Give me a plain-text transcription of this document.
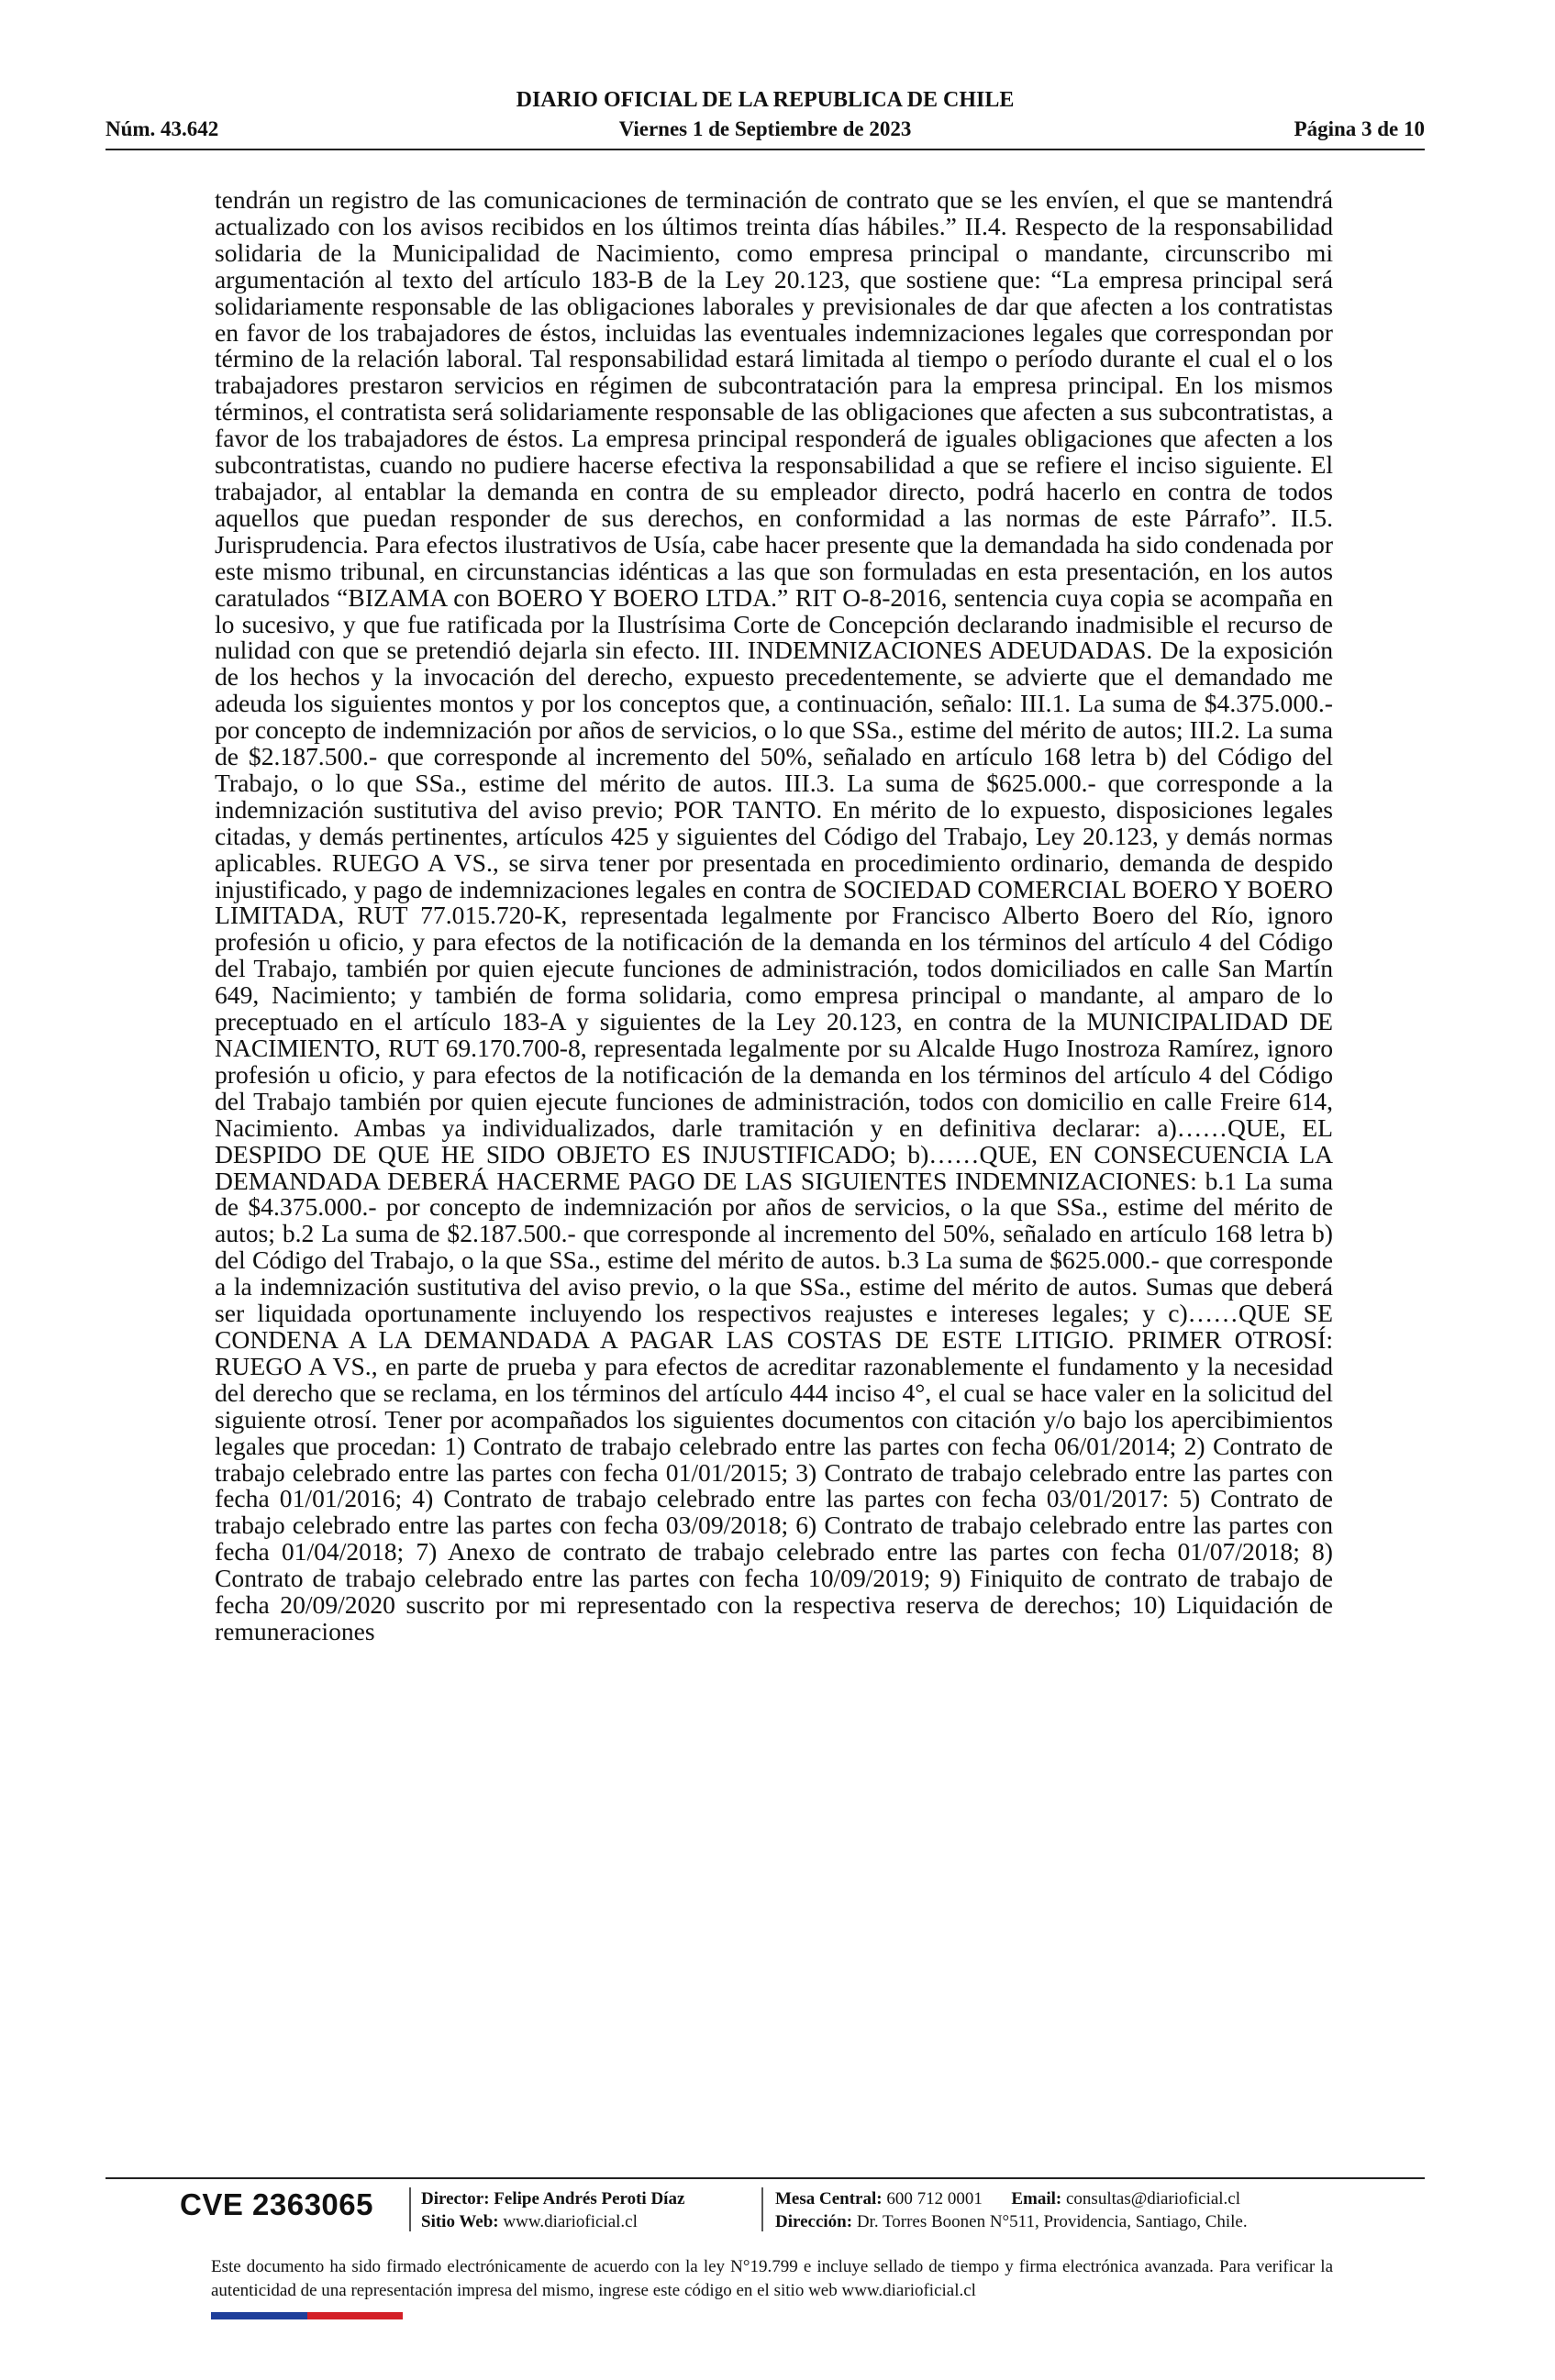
DIARIO OFICIAL DE LA REPUBLICA DE CHILE
Núm. 43.642	Viernes 1 de Septiembre de 2023	Página 3 de 10

tendrán un registro de las comunicaciones de terminación de contrato que se les envíen, el que se mantendrá actualizado con los avisos recibidos en los últimos treinta días hábiles.” II.4. Respecto de la responsabilidad solidaria de la Municipalidad de Nacimiento, como empresa principal o mandante, circunscribo mi argumentación al texto del artículo 183-B de la Ley 20.123, que sostiene que: “La empresa principal será solidariamente responsable de las obligaciones laborales y previsionales de dar que afecten a los contratistas en favor de los trabajadores de éstos, incluidas las eventuales indemnizaciones legales que correspondan por término de la relación laboral. Tal responsabilidad estará limitada al tiempo o período durante el cual el o los trabajadores prestaron servicios en régimen de subcontratación para la empresa principal. En los mismos términos, el contratista será solidariamente responsable de las obligaciones que afecten a sus subcontratistas, a favor de los trabajadores de éstos. La empresa principal responderá de iguales obligaciones que afecten a los subcontratistas, cuando no pudiere hacerse efectiva la responsabilidad a que se refiere el inciso siguiente. El trabajador, al entablar la demanda en contra de su empleador directo, podrá hacerlo en contra de todos aquellos que puedan responder de sus derechos, en conformidad a las normas de este Párrafo”. II.5. Jurisprudencia. Para efectos ilustrativos de Usía, cabe hacer presente que la demandada ha sido condenada por este mismo tribunal, en circunstancias idénticas a las que son formuladas en esta presentación, en los autos caratulados “BIZAMA con BOERO Y BOERO LTDA.” RIT O-8-2016, sentencia cuya copia se acompaña en lo sucesivo, y que fue ratificada por la Ilustrísima Corte de Concepción declarando inadmisible el recurso de nulidad con que se pretendió dejarla sin efecto. III. INDEMNIZACIONES ADEUDADAS. De la exposición de los hechos y la invocación del derecho, expuesto precedentemente, se advierte que el demandado me adeuda los siguientes montos y por los conceptos que, a continuación, señalo: III.1. La suma de $4.375.000.- por concepto de indemnización por años de servicios, o lo que SSa., estime del mérito de autos; III.2. La suma de $2.187.500.- que corresponde al incremento del 50%, señalado en artículo 168 letra b) del Código del Trabajo, o lo que SSa., estime del mérito de autos. III.3. La suma de $625.000.- que corresponde a la indemnización sustitutiva del aviso previo; POR TANTO. En mérito de lo expuesto, disposiciones legales citadas, y demás pertinentes, artículos 425 y siguientes del Código del Trabajo, Ley 20.123, y demás normas aplicables. RUEGO A VS., se sirva tener por presentada en procedimiento ordinario, demanda de despido injustificado, y pago de indemnizaciones legales en contra de SOCIEDAD COMERCIAL BOERO Y BOERO LIMITADA, RUT 77.015.720-K, representada legalmente por Francisco Alberto Boero del Río, ignoro profesión u oficio, y para efectos de la notificación de la demanda en los términos del artículo 4 del Código del Trabajo, también por quien ejecute funciones de administración, todos domiciliados en calle San Martín 649, Nacimiento; y también de forma solidaria, como empresa principal o mandante, al amparo de lo preceptuado en el artículo 183-A y siguientes de la Ley 20.123, en contra de la MUNICIPALIDAD DE NACIMIENTO, RUT 69.170.700-8, representada legalmente por su Alcalde Hugo Inostroza Ramírez, ignoro profesión u oficio, y para efectos de la notificación de la demanda en los términos del artículo 4 del Código del Trabajo también por quien ejecute funciones de administración, todos con domicilio en calle Freire 614, Nacimiento. Ambas ya individualizados, darle tramitación y en definitiva declarar: a)……QUE, EL DESPIDO DE QUE HE SIDO OBJETO ES INJUSTIFICADO; b)……QUE, EN CONSECUENCIA LA DEMANDADA DEBERÁ HACERME PAGO DE LAS SIGUIENTES INDEMNIZACIONES: b.1 La suma de $4.375.000.- por concepto de indemnización por años de servicios, o la que SSa., estime del mérito de autos; b.2 La suma de $2.187.500.- que corresponde al incremento del 50%, señalado en artículo 168 letra b) del Código del Trabajo, o la que SSa., estime del mérito de autos. b.3 La suma de $625.000.- que corresponde a la indemnización sustitutiva del aviso previo, o la que SSa., estime del mérito de autos. Sumas que deberá ser liquidada oportunamente incluyendo los respectivos reajustes e intereses legales; y c)……QUE SE CONDENA A LA DEMANDADA A PAGAR LAS COSTAS DE ESTE LITIGIO. PRIMER OTROSÍ: RUEGO A VS., en parte de prueba y para efectos de acreditar razonablemente el fundamento y la necesidad del derecho que se reclama, en los términos del artículo 444 inciso 4°, el cual se hace valer en la solicitud del siguiente otrosí. Tener por acompañados los siguientes documentos con citación y/o bajo los apercibimientos legales que procedan: 1) Contrato de trabajo celebrado entre las partes con fecha 06/01/2014; 2) Contrato de trabajo celebrado entre las partes con fecha 01/01/2015; 3) Contrato de trabajo celebrado entre las partes con fecha 01/01/2016; 4) Contrato de trabajo celebrado entre las partes con fecha 03/01/2017: 5) Contrato de trabajo celebrado entre las partes con fecha 03/09/2018; 6) Contrato de trabajo celebrado entre las partes con fecha 01/04/2018; 7) Anexo de contrato de trabajo celebrado entre las partes con fecha 01/07/2018; 8) Contrato de trabajo celebrado entre las partes con fecha 10/09/2019; 9) Finiquito de contrato de trabajo de fecha 20/09/2020 suscrito por mi representado con la respectiva reserva de derechos; 10) Liquidación de remuneraciones

CVE 2363065	Director: Felipe Andrés Peroti Díaz
Sitio Web: www.diarioficial.cl
Mesa Central: 600 712 0001 Email: consultas@diarioficial.cl
Dirección: Dr. Torres Boonen N°511, Providencia, Santiago, Chile.

Este documento ha sido firmado electrónicamente de acuerdo con la ley N°19.799 e incluye sellado de tiempo y firma electrónica avanzada. Para verificar la autenticidad de una representación impresa del mismo, ingrese este código en el sitio web www.diarioficial.cl
